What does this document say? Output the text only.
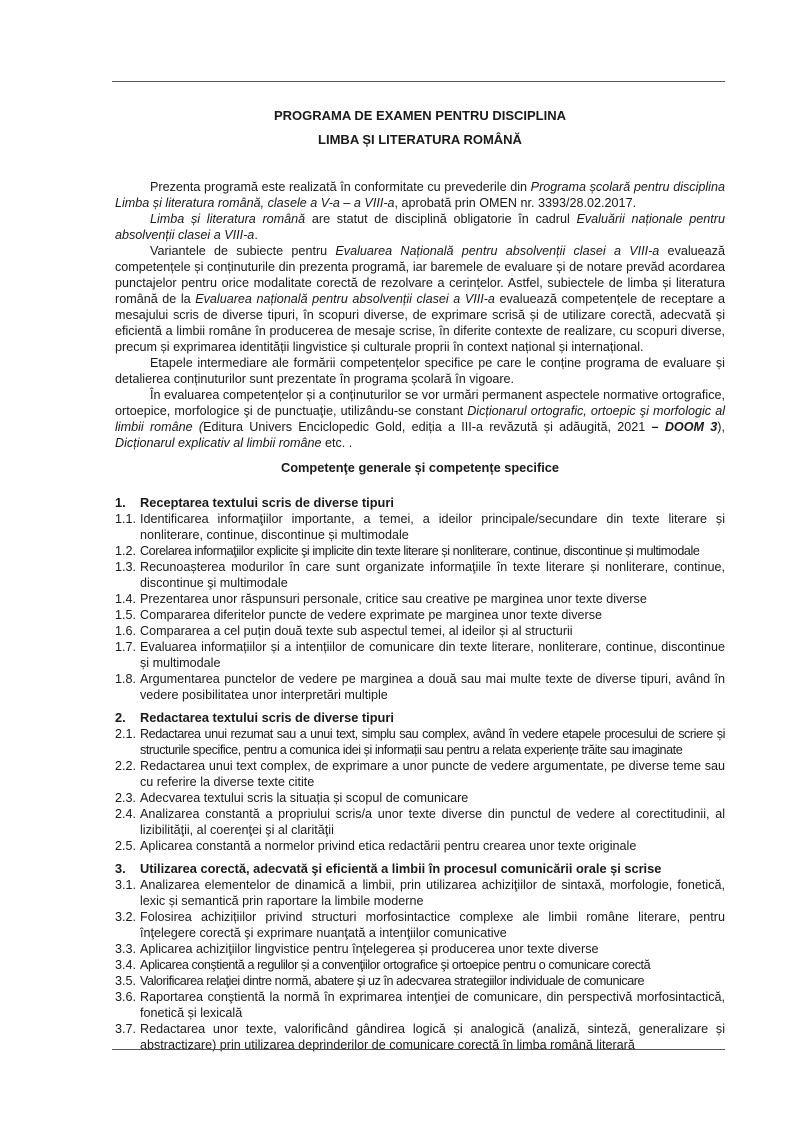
PROGRAMA DE EXAMEN PENTRU DISCIPLINA

LIMBA ȘI LITERATURA ROMÂNĂ

Prezenta programă este realizată în conformitate cu prevederile din Programa școlară pentru disciplina Limba și literatura română, clasele a V-a – a VIII-a, aprobată prin OMEN nr. 3393/28.02.2017.

Limba și literatura română are statut de disciplină obligatorie în cadrul Evaluării naționale pentru absolvenții clasei a VIII-a.

Variantele de subiecte pentru Evaluarea Națională pentru absolvenții clasei a VIII-a evaluează competențele și conținuturile din prezenta programă, iar baremele de evaluare și de notare prevăd acordarea punctajelor pentru orice modalitate corectă de rezolvare a cerințelor. Astfel, subiectele de limba și literatura română de la Evaluarea națională pentru absolvenții clasei a VIII-a evaluează competențele de receptare a mesajului scris de diverse tipuri, în scopuri diverse, de exprimare scrisă și de utilizare corectă, adecvată și eficientă a limbii române în producerea de mesaje scrise, în diferite contexte de realizare, cu scopuri diverse, precum și exprimarea identității lingvistice și culturale proprii în context național și internațional.

Etapele intermediare ale formării competențelor specifice pe care le conține programa de evaluare și detalierea conținuturilor sunt prezentate în programa școlară în vigoare.

În evaluarea competențelor și a conținuturilor se vor urmări permanent aspectele normative ortografice, ortoepice, morfologice şi de punctuaţie, utilizându-se constant Dicționarul ortografic, ortoepic şi morfologic al limbii române (Editura Univers Enciclopedic Gold, ediția a III-a revăzută și adăugită, 2021 – DOOM 3), Dicționarul explicativ al limbii române etc. .

Competenţe generale și competențe specifice
1.	Receptarea textului scris de diverse tipuri
1.1. Identificarea informaţiilor importante, a temei, a ideilor principale/secundare din texte literare și nonliterare, continue, discontinue și multimodale
1.2. Corelarea informaţiilor explicite şi implicite din texte literare și nonliterare, continue, discontinue și multimodale
1.3. Recunoașterea modurilor în care sunt organizate informaţiile în texte literare și nonliterare, continue, discontinue şi multimodale
1.4. Prezentarea unor răspunsuri personale, critice sau creative pe marginea unor texte diverse
1.5. Compararea diferitelor puncte de vedere exprimate pe marginea unor texte diverse
1.6. Compararea a cel puțin două texte sub aspectul temei, al ideilor și al structurii
1.7. Evaluarea informațiilor și a intențiilor de comunicare din texte literare, nonliterare, continue, discontinue și multimodale
1.8. Argumentarea punctelor de vedere pe marginea a două sau mai multe texte de diverse tipuri, având în vedere posibilitatea unor interpretări multiple
2.	Redactarea textului scris de diverse tipuri
2.1. Redactarea unui rezumat sau a unui text, simplu sau complex, având în vedere etapele procesului de scriere și structurile specifice, pentru a comunica idei și informații sau pentru a relata experiențe trăite sau imaginate
2.2. Redactarea unui text complex, de exprimare a unor puncte de vedere argumentate, pe diverse teme sau cu referire la diverse texte citite
2.3. Adecvarea textului scris la situația și scopul de comunicare
2.4. Analizarea constantă a propriului scris/a unor texte diverse din punctul de vedere al corectitudinii, al lizibilităţii, al coerenţei şi al clarităţii
2.5. Aplicarea constantă a normelor privind etica redactării pentru crearea unor texte originale
3.	Utilizarea corectă, adecvată şi eficientă a limbii în procesul comunicării orale și scrise
3.1. Analizarea elementelor de dinamică a limbii, prin utilizarea achiziţiilor de sintaxă, morfologie, fonetică, lexic și semantică prin raportare la limbile moderne
3.2. Folosirea achizițiilor privind structuri morfosintactice complexe ale limbii române literare, pentru înţelegere corectă şi exprimare nuanţată a intenţiilor comunicative
3.3. Aplicarea achiziţiilor lingvistice pentru înţelegerea și producerea unor texte diverse
3.4. Aplicarea conştientă a regulilor și a convenţiilor ortografice şi ortoepice pentru o comunicare corectă
3.5. Valorificarea relaţiei dintre normă, abatere şi uz în adecvarea strategiilor individuale de comunicare
3.6. Raportarea conştientă la normă în exprimarea intenţiei de comunicare, din perspectivă morfosintactică, fonetică și lexicală
3.7. Redactarea unor texte, valorificând gândirea logică și analogică (analiză, sinteză, generalizare și abstractizare) prin utilizarea deprinderilor de comunicare corectă în limba română literară
